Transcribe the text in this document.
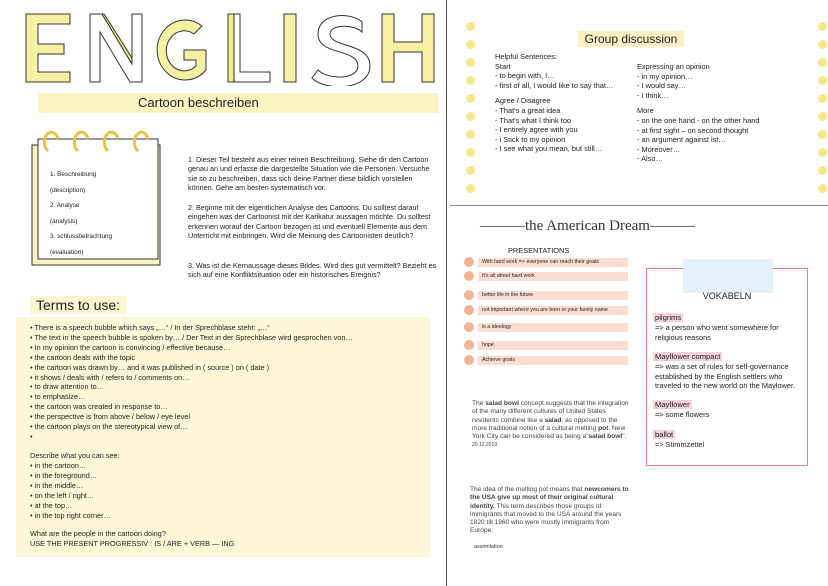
Cartoon beschreiben
1. Beschreibung
(description)
2. Analyse
(analysis)
3. schlussbetrachtung
(evaluation)
1. Dieser Teil besteht aus einer reinen Beschreibung. Siehe dir den Cartoon genau an und erfasse die dargestellte Situation wie die Personen. Versuche sie so zu beschreiben, dass sich deine Partner diese bildlich vorstellen können. Gehe am besten systematisch vor.
2. Beginne mit der eigentlichen Analyse des Cartoons. Du solltest darauf eingehen was der Cartoonist mit der Karikatur aussagen möchte. Du solltest erkennen worauf der Cartoon bezogen ist und eventuell Elemente aus dem Unterricht mit einbringen. Wird die Meinung des Cartoonisten deutlich?
3. Was ist die Kernaussage dieses Bildes. Wird dies gut vermittelt? Bezieht es sich auf eine Konfliktsituation oder ein historisches Ereignis?
• There is a speech bubble which says „…“ / In der Sprechblase steht: „…“
• The text in the speech bubble is spoken by… / Der Text in der Sprechblase wird gesprochen von…
• In my opinion the cartoon is convincing / effective because…
• the cartoon deals with the topic
• the cartoon was drawn by… and it was published in ( source ) on ( date )
• it shows / deals with / refers to / comments on…
• to draw attention to…
• to emphasize…
• the cartoon was created in response to…
• the perspective is from above / below / eye level
• the cartoon plays on the stereotypical view of…
•
Describe what you can see:
• in the cartoon…
• in the foreground…
• in the middle…
• on the left / right…
• at the top…
• in the top right corner…
What are the people in the cartoon doing?
USE THE PRESENT PROGRESSIV : IS / ARE + VERB — ING
Terms to use:
Group discussion
Helpful Sentences:
Start
- to begin with, I…
- first of all, I would like to say that…
Agree / Disagree
- That's a great idea
- That's what I think too
- I entirely agree with you
- i Stick to my opinion
- I see what you mean, but still…
Expressing an opinion
- in my opinion…
- I would say…
- I think…
More
- on the one hand - on the other hand
- at first sight – on second thought
- an argument against ist…
- Moreover…
- Also…
———the American Dream———
PRESENTATIONS
With hard work => everyone can reach their goals
It's all about hard work
better life in the future
not important where you are born or your family name
is a ideology
hope
Achieve goals
The salad bowl concept suggests that the integration of the many different cultures of United States residents combine like a salad, as opposed to the more traditional notion of a cultural melting pot. New York City can be considered as being a"salad bowl". 20.12.2019
The idea of the melting pot means that newcomers to the USA give up most of their original cultural identity. This term describes those groups of immigrants that moved to the USA around the years 1820 till 1960 who were mostly immigrants from Europe.
assimilation
VOKABELN
pilgrims
=> a person who went somewhere for religious reasons
Mayflower compact
=> was a set of rules for self-governance established by the English settlers who traveled to the new world on the Maylower.
Mayflower
=> some flowers
ballot
=> Stimmzettel
